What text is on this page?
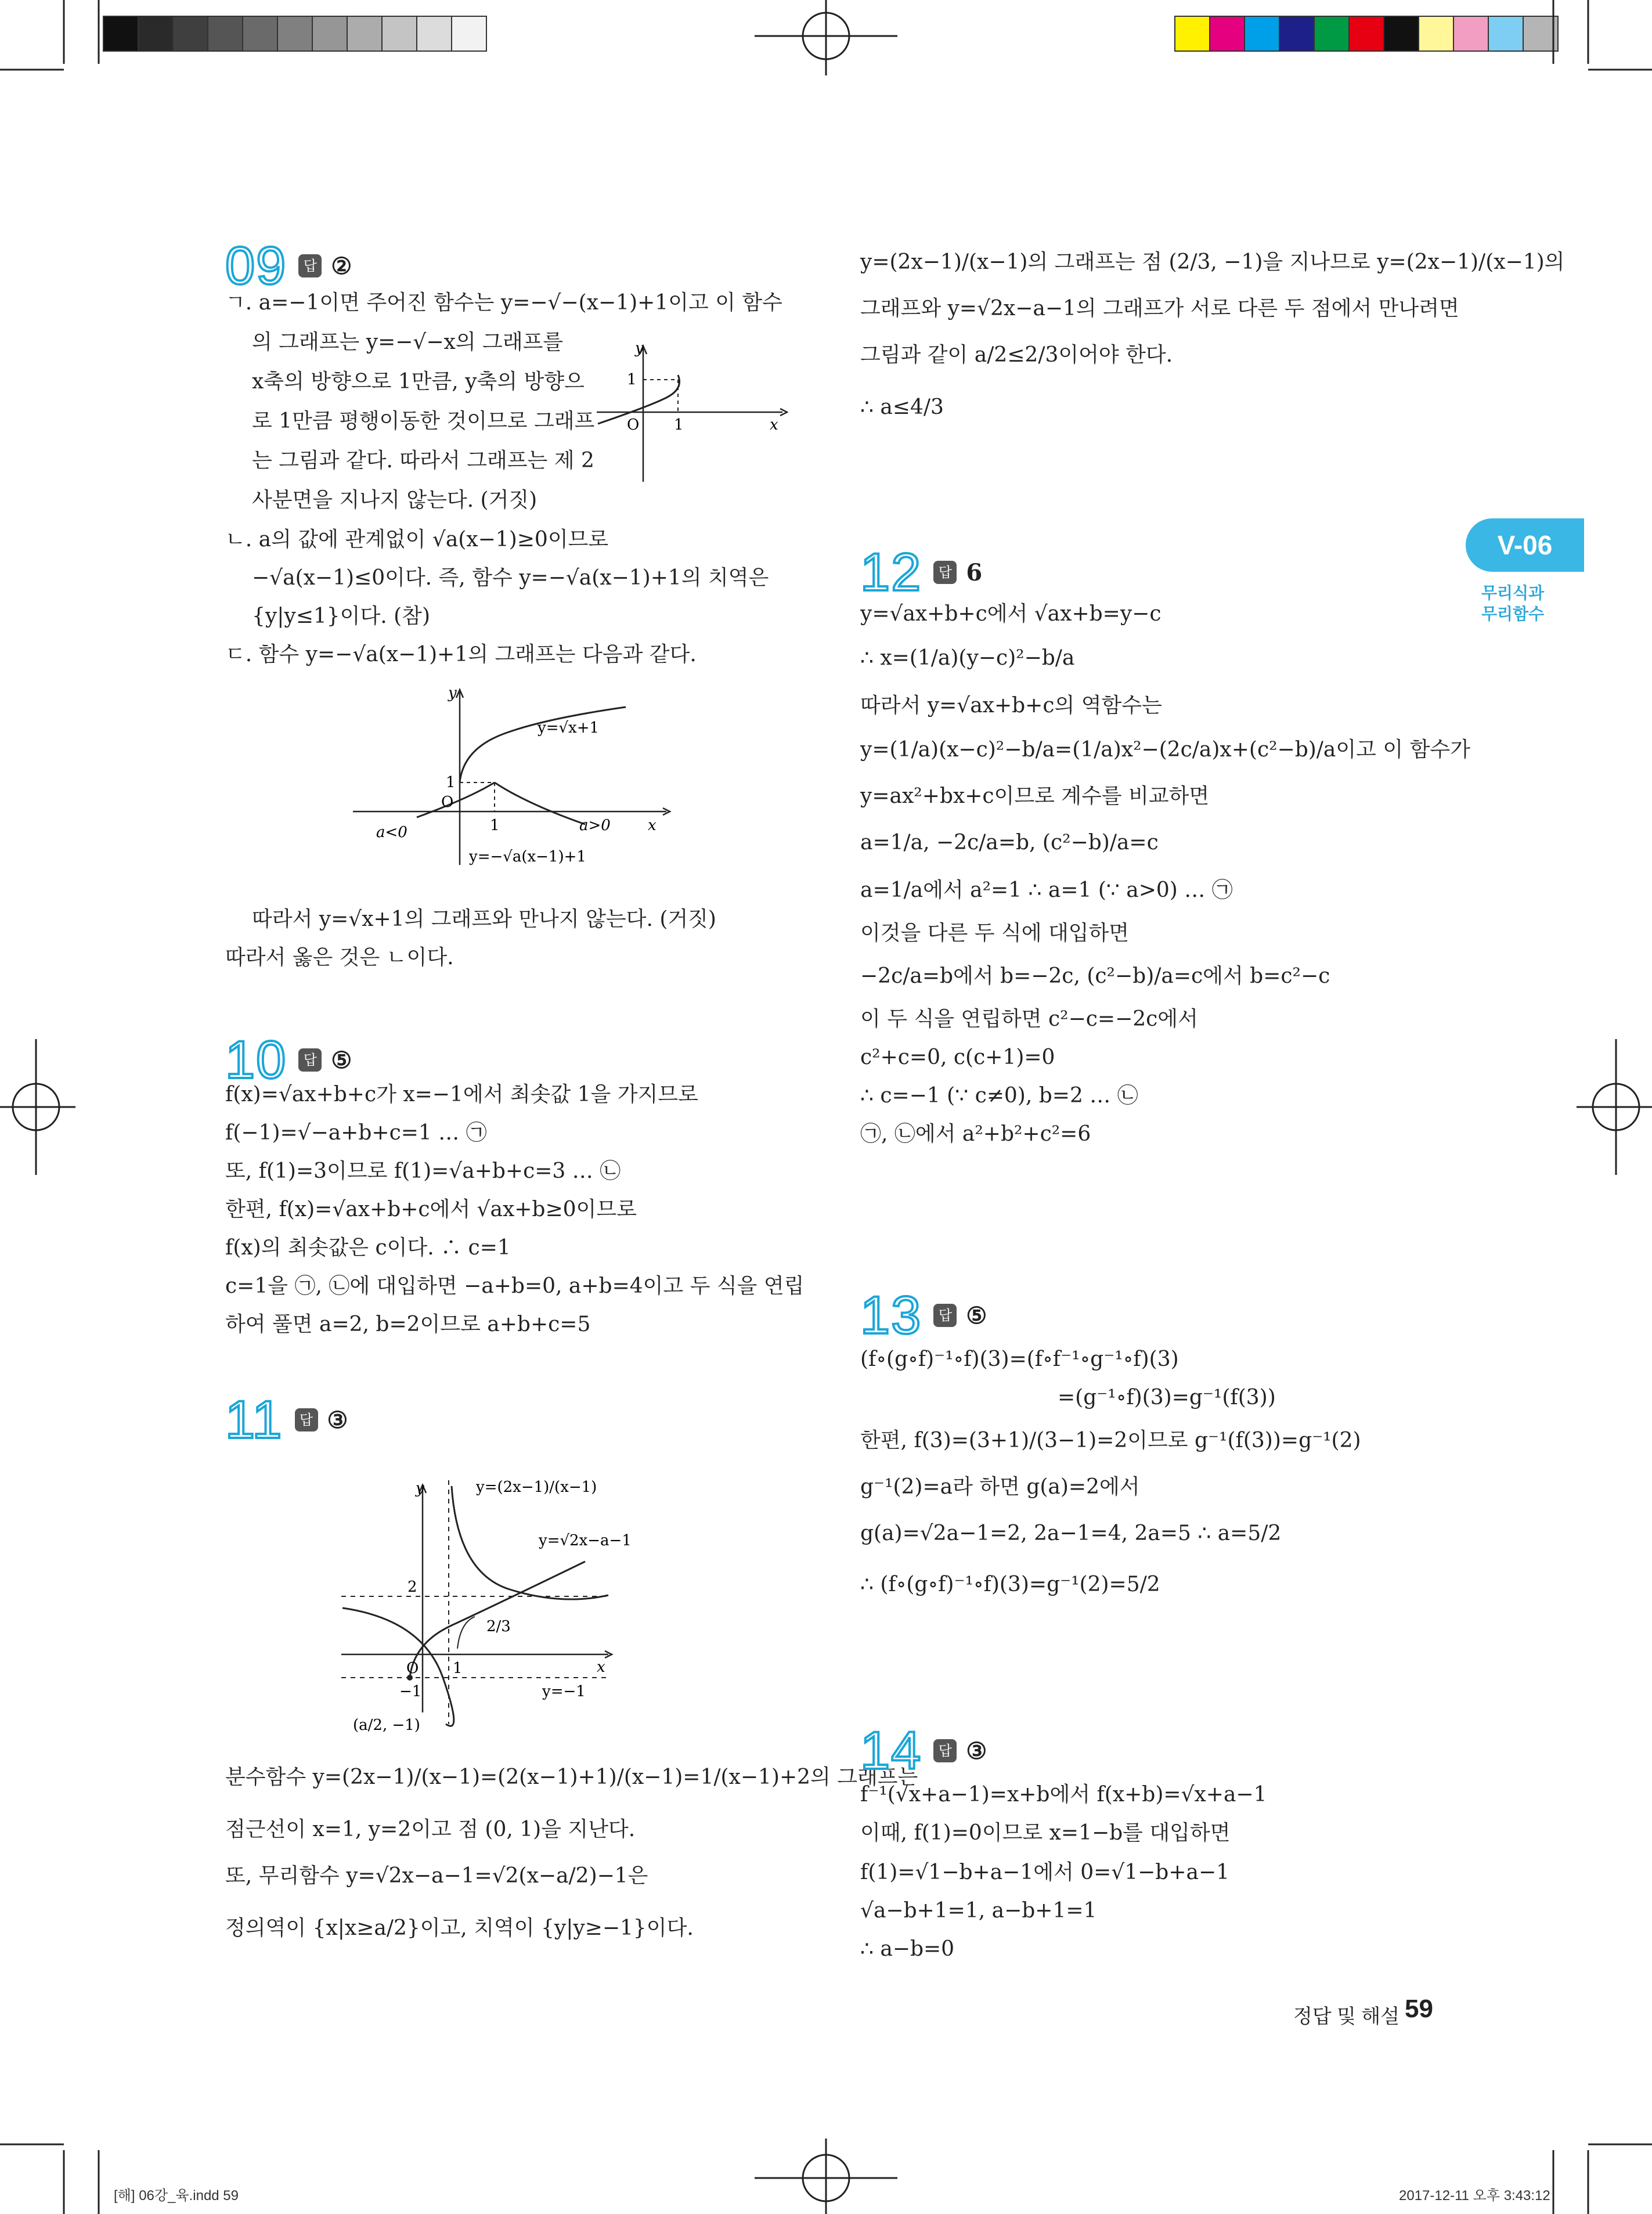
09	답 ②
ㄱ. a=−1이면 주어진 함수는 y=−√−(x−1)+1이고 이 함수
의 그래프는 y=−√−x의 그래프를
x축의 방향으로 1만큼, y축의 방향으
로 1만큼 평행이동한 것이므로 그래프
는 그림과 같다. 따라서 그래프는 제 2
사분면을 지나지 않는다. (거짓)
y
1
O 1	x
ㄴ. a의 값에 관계없이 √a(x−1)≥0이므로
−√a(x−1)≤0이다. 즉, 함수 y=−√a(x−1)+1의 치역은
{y|y≤1}이다. (참)
ㄷ. 함수 y=−√a(x−1)+1의 그래프는 다음과 같다.
y
y=√x+1
1
O
1
a<0	a>0 x
y=−√a(x−1)+1
따라서 y=√x+1의 그래프와 만나지 않는다. (거짓)
따라서 옳은 것은 ㄴ이다.
10	답 ⑤
f(x)=√ax+b+c가 x=−1에서 최솟값 1을 가지므로
f(−1)=√−a+b+c=1 … ㉠
또, f(1)=3이므로 f(1)=√a+b+c=3 … ㉡
한편, f(x)=√ax+b+c에서 √ax+b≥0이므로
f(x)의 최솟값은 c이다. ∴ c=1
c=1을 ㉠, ㉡에 대입하면 −a+b=0, a+b=4이고 두 식을 연립
하여 풀면 a=2, b=2이므로 a+b+c=5
11	답 ③
y	y=(2x−1)/(x−1)
y=√2x−a−1
2
2/3
O 1	x
−1	y=−1
(a/2, −1)
분수함수 y=(2x−1)/(x−1)=(2(x−1)+1)/(x−1)=1/(x−1)+2의 그래프는
점근선이 x=1, y=2이고 점 (0, 1)을 지난다.
또, 무리함수 y=√2x−a−1=√2(x−a/2)−1은
정의역이 {x|x≥a/2}이고, 치역이 {y|y≥−1}이다.
y=(2x−1)/(x−1)의 그래프는 점 (2/3, −1)을 지나므로 y=(2x−1)/(x−1)의
그래프와 y=√2x−a−1의 그래프가 서로 다른 두 점에서 만나려면
그림과 같이 a/2≤2/3이어야 한다.
∴ a≤4/3
12	답 6
y=√ax+b+c에서 √ax+b=y−c
∴ x=(1/a)(y−c)²−b/a
따라서 y=√ax+b+c의 역함수는
y=(1/a)(x−c)²−b/a=(1/a)x²−(2c/a)x+(c²−b)/a이고 이 함수가
y=ax²+bx+c이므로 계수를 비교하면
a=1/a, −2c/a=b, (c²−b)/a=c
a=1/a에서 a²=1 ∴ a=1 (∵ a>0) … ㉠
이것을 다른 두 식에 대입하면
−2c/a=b에서 b=−2c, (c²−b)/a=c에서 b=c²−c
이 두 식을 연립하면 c²−c=−2c에서
c²+c=0, c(c+1)=0
∴ c=−1 (∵ c≠0), b=2 … ㉡
㉠, ㉡에서 a²+b²+c²=6
13	답 ⑤
(f∘(g∘f)⁻¹∘f)(3)=(f∘f⁻¹∘g⁻¹∘f)(3)
=(g⁻¹∘f)(3)=g⁻¹(f(3))
한편, f(3)=(3+1)/(3−1)=2이므로 g⁻¹(f(3))=g⁻¹(2)
g⁻¹(2)=a라 하면 g(a)=2에서
g(a)=√2a−1=2, 2a−1=4, 2a=5 ∴ a=5/2
∴ (f∘(g∘f)⁻¹∘f)(3)=g⁻¹(2)=5/2
14	답 ③
f⁻¹(√x+a−1)=x+b에서 f(x+b)=√x+a−1
이때, f(1)=0이므로 x=1−b를 대입하면
f(1)=√1−b+a−1에서 0=√1−b+a−1
√a−b+1=1, a−b+1=1
∴ a−b=0
V-06
무리식과
무리함수
정답 및 해설 59
[해] 06강_육.indd 59	2017-12-11 오후 3:43:12
